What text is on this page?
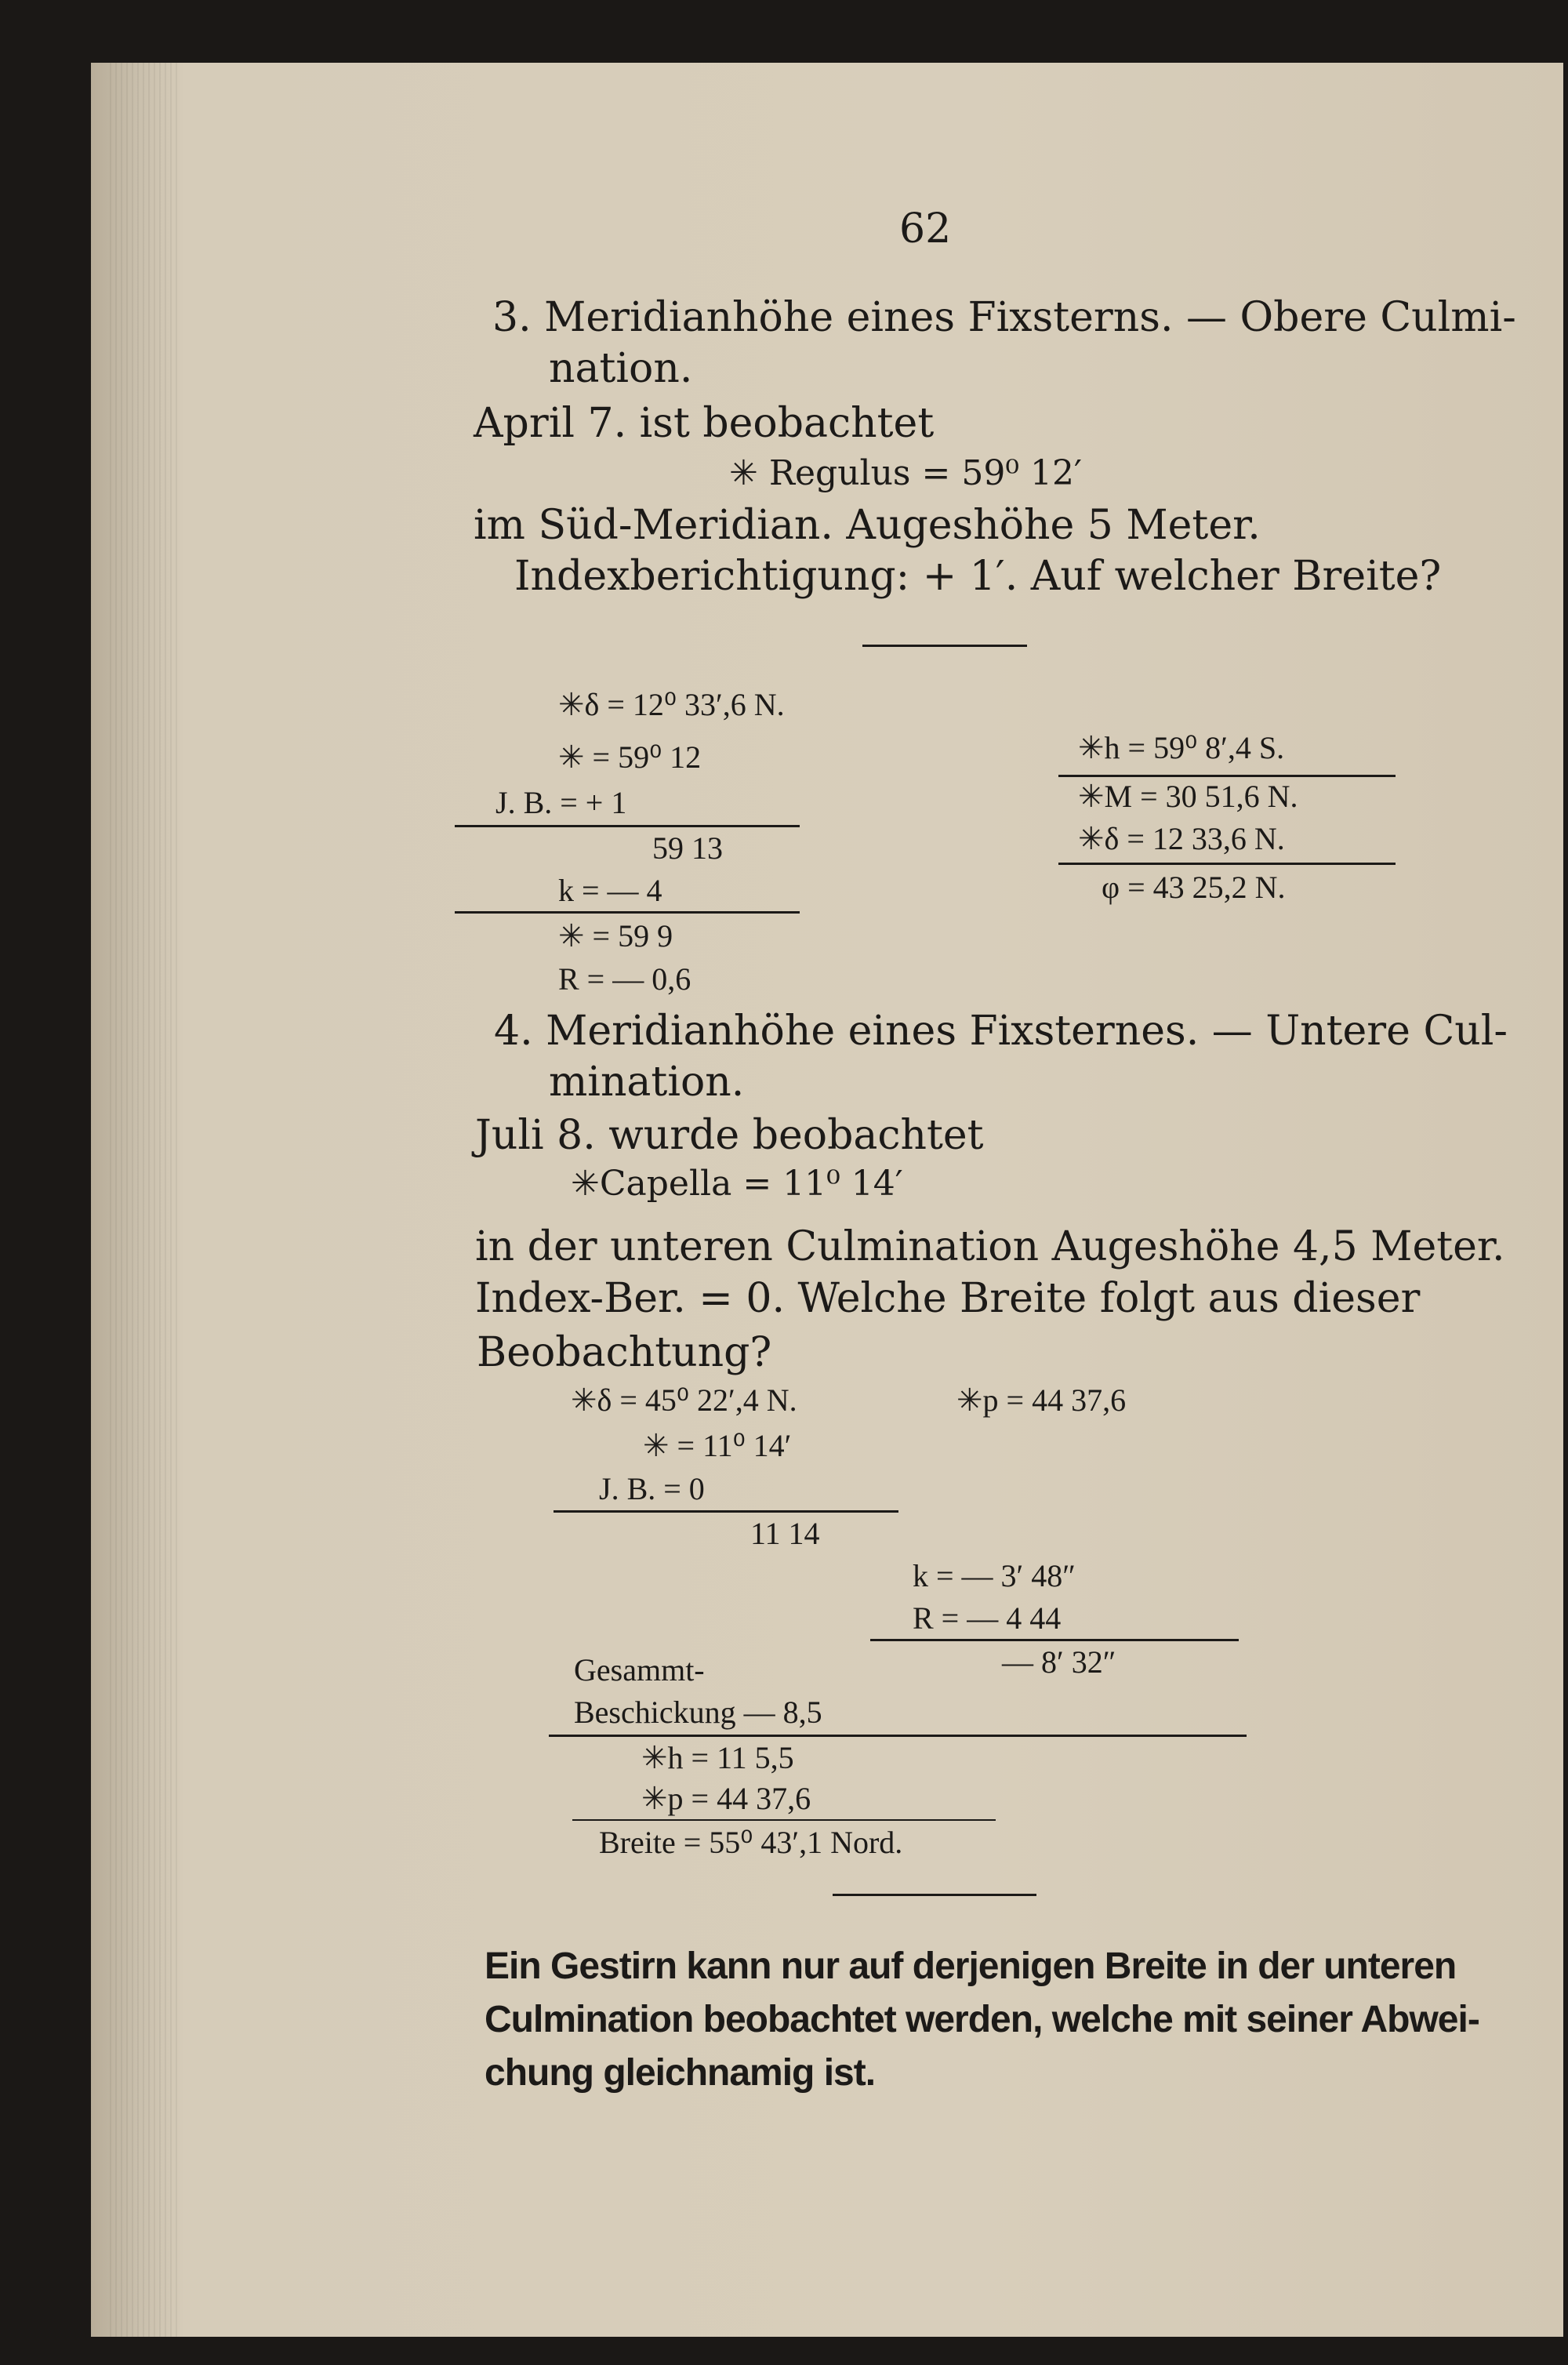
62
3. Meridianhöhe eines Fixsterns. — Obere Culmi-
nation.
April 7. ist beobachtet
✳ Regulus = 59⁰ 12′
im Süd-Meridian. Augeshöhe 5 Meter.
Indexberichtigung: + 1′. Auf welcher Breite?
✳δ = 12⁰ 33′,6 N.
✳ = 59⁰ 12
J. B. = + 1
59 13
k = — 4
✳ = 59 9
R = — 0,6
✳h = 59⁰ 8′,4 S.
✳M = 30 51,6 N.
✳δ = 12 33,6 N.
φ = 43 25,2 N.
4. Meridianhöhe eines Fixsternes. — Untere Cul-
mination.
Juli 8. wurde beobachtet
✳Capella = 11⁰ 14′
in der unteren Culmination Augeshöhe 4,5 Meter.
Index-Ber. = 0. Welche Breite folgt aus dieser
Beobachtung?
✳δ = 45⁰ 22′,4 N.	✳p = 44 37,6
✳ = 11⁰ 14′
J. B. = 0
11 14
k = — 3′ 48″
R = — 4 44
— 8′ 32″
Gesammt-
Beschickung — 8,5
✳h = 11 5,5
✳p = 44 37,6
Breite = 55⁰ 43′,1 Nord.
Ein Gestirn kann nur auf derjenigen Breite in der unteren
Culmination beobachtet werden, welche mit seiner Abwei-
chung gleichnamig ist.
